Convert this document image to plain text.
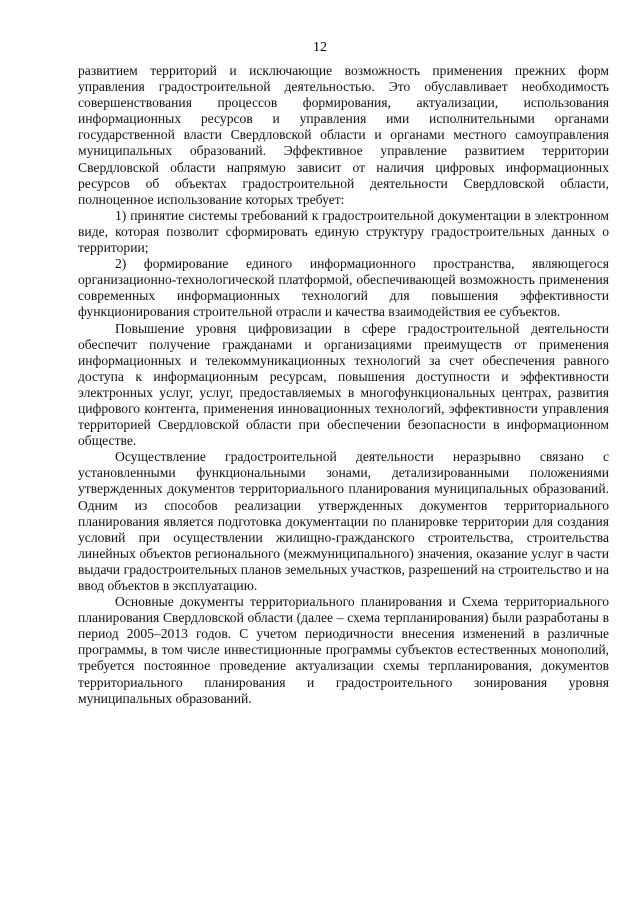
12

развитием территорий и исключающие возможность применения прежних форм управления градостроительной деятельностью. Это обуславливает необходимость совершенствования процессов формирования, актуализации, использования информационных ресурсов и управления ими исполнительными органами государственной власти Свердловской области и органами местного самоуправления муниципальных образований. Эффективное управление развитием территории Свердловской области напрямую зависит от наличия цифровых информационных ресурсов об объектах градостроительной деятельности Свердловской области, полноценное использование которых требует:

1) принятие системы требований к градостроительной документации в электронном виде, которая позволит сформировать единую структуру градостроительных данных о территории;

2) формирование единого информационного пространства, являющегося организационно-технологической платформой, обеспечивающей возможность применения современных информационных технологий для повышения эффективности функционирования строительной отрасли и качества взаимодействия ее субъектов.

Повышение уровня цифровизации в сфере градостроительной деятельности обеспечит получение гражданами и организациями преимуществ от применения информационных и телекоммуникационных технологий за счет обеспечения равного доступа к информационным ресурсам, повышения доступности и эффективности электронных услуг, услуг, предоставляемых в многофункциональных центрах, развития цифрового контента, применения инновационных технологий, эффективности управления территорией Свердловской области при обеспечении безопасности в информационном обществе.

Осуществление градостроительной деятельности неразрывно связано с установленными функциональными зонами, детализированными положениями утвержденных документов территориального планирования муниципальных образований. Одним из способов реализации утвержденных документов территориального планирования является подготовка документации по планировке территории для создания условий при осуществлении жилищно-гражданского строительства, строительства линейных объектов регионального (межмуниципального) значения, оказание услуг в части выдачи градостроительных планов земельных участков, разрешений на строительство и на ввод объектов в эксплуатацию.

Основные документы территориального планирования и Схема территориального планирования Свердловской области (далее – схема терпланирования) были разработаны в период 2005–2013 годов. С учетом периодичности внесения изменений в различные программы, в том числе инвестиционные программы субъектов естественных монополий, требуется постоянное проведение актуализации схемы терпланирования, документов территориального планирования и градостроительного зонирования уровня муниципальных образований.
